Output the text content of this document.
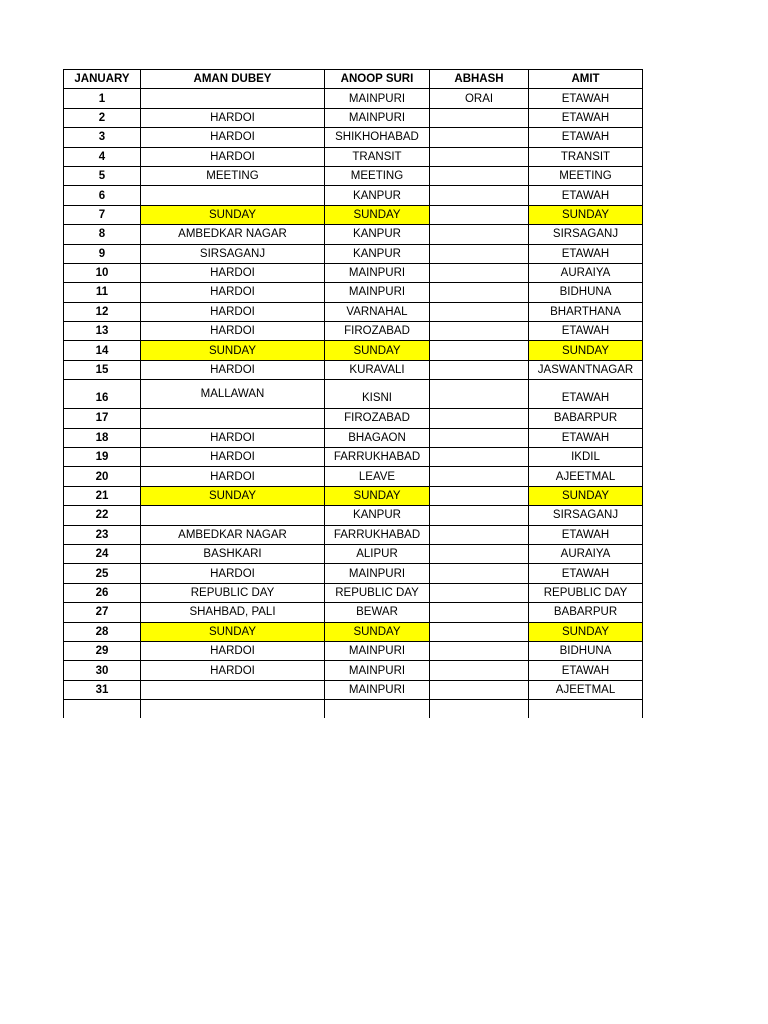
JANUARY	AMAN DUBEY	ANOOP SURI	ABHASH	AMIT
1		MAINPURI	ORAI	ETAWAH
2	HARDOI	MAINPURI		ETAWAH
3	HARDOI	SHIKHOHABAD		ETAWAH
4	HARDOI	TRANSIT		TRANSIT
5	MEETING	MEETING		MEETING
6		KANPUR		ETAWAH
7	SUNDAY	SUNDAY		SUNDAY
8	AMBEDKAR NAGAR	KANPUR		SIRSAGANJ
9	SIRSAGANJ	KANPUR		ETAWAH
10	HARDOI	MAINPURI		AURAIYA
11	HARDOI	MAINPURI		BIDHUNA
12	HARDOI	VARNAHAL		BHARTHANA
13	HARDOI	FIROZABAD		ETAWAH
14	SUNDAY	SUNDAY		SUNDAY
15	HARDOI	KURAVALI		JASWANTNAGAR
16	MALLAWAN	KISNI		ETAWAH
17		FIROZABAD		BABARPUR
18	HARDOI	BHAGAON		ETAWAH
19	HARDOI	FARRUKHABAD		IKDIL
20	HARDOI	LEAVE		AJEETMAL
21	SUNDAY	SUNDAY		SUNDAY
22		KANPUR		SIRSAGANJ
23	AMBEDKAR NAGAR	FARRUKHABAD		ETAWAH
24	BASHKARI	ALIPUR		AURAIYA
25	HARDOI	MAINPURI		ETAWAH
26	REPUBLIC DAY	REPUBLIC DAY		REPUBLIC DAY
27	SHAHBAD, PALI	BEWAR		BABARPUR
28	SUNDAY	SUNDAY		SUNDAY
29	HARDOI	MAINPURI		BIDHUNA
30	HARDOI	MAINPURI		ETAWAH
31		MAINPURI		AJEETMAL
